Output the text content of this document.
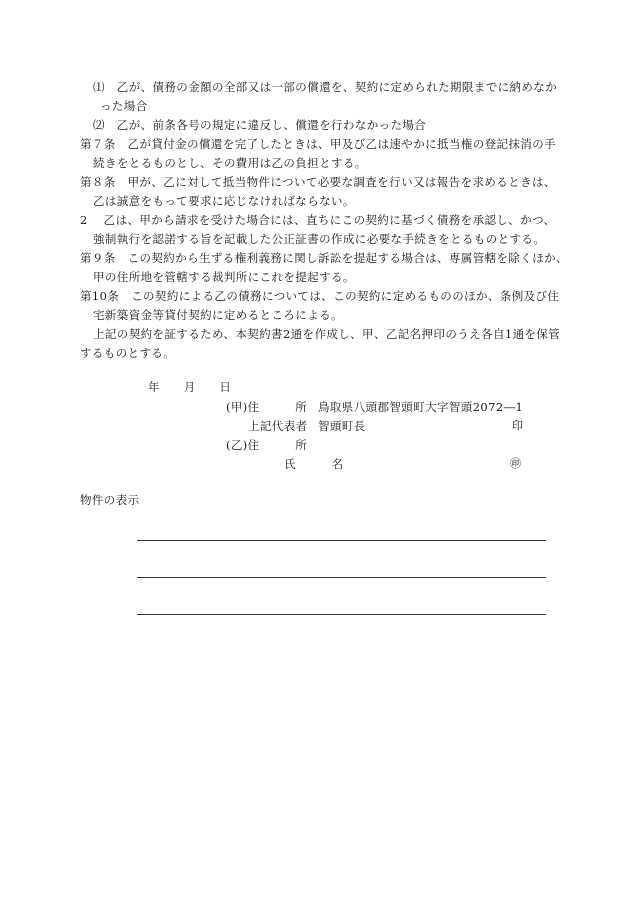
⑴　乙が、債務の金額の全部又は一部の償還を、契約に定められた期限までに納めなか
った場合
⑵　乙が、前条各号の規定に違反し、償還を行わなかった場合
第７条　乙が貸付金の償還を完了したときは、甲及び乙は速やかに抵当権の登記抹消の手
続きをとるものとし、その費用は乙の負担とする。
第８条　甲が、乙に対して抵当物件について必要な調査を行い又は報告を求めるときは、
乙は誠意をもって要求に応じなければならない。
2　 乙は、甲から請求を受けた場合には、直ちにこの契約に基づく債務を承認し、かつ、
強制執行を認諾する旨を記載した公正証書の作成に必要な手続きをとるものとする。
第９条　この契約から生ずる権利義務に関し訴訟を提起する場合は、専属管轄を除くほか、
甲の住所地を管轄する裁判所にこれを提起する。
第10条　この契約による乙の債務については、この契約に定めるもののほか、条例及び住
宅新築資金等貸付契約に定めるところによる。
上記の契約を証するため、本契約書2通を作成し、甲、乙記名押印のうえ各自1通を保管
するものとする。
年　　月　　日
(甲)住　　　所 鳥取県八頭郡智頭町大字智頭2072―1
上記代表者 智頭町長	印
(乙)住　　　所
氏　　　名	㊞
物件の表示
